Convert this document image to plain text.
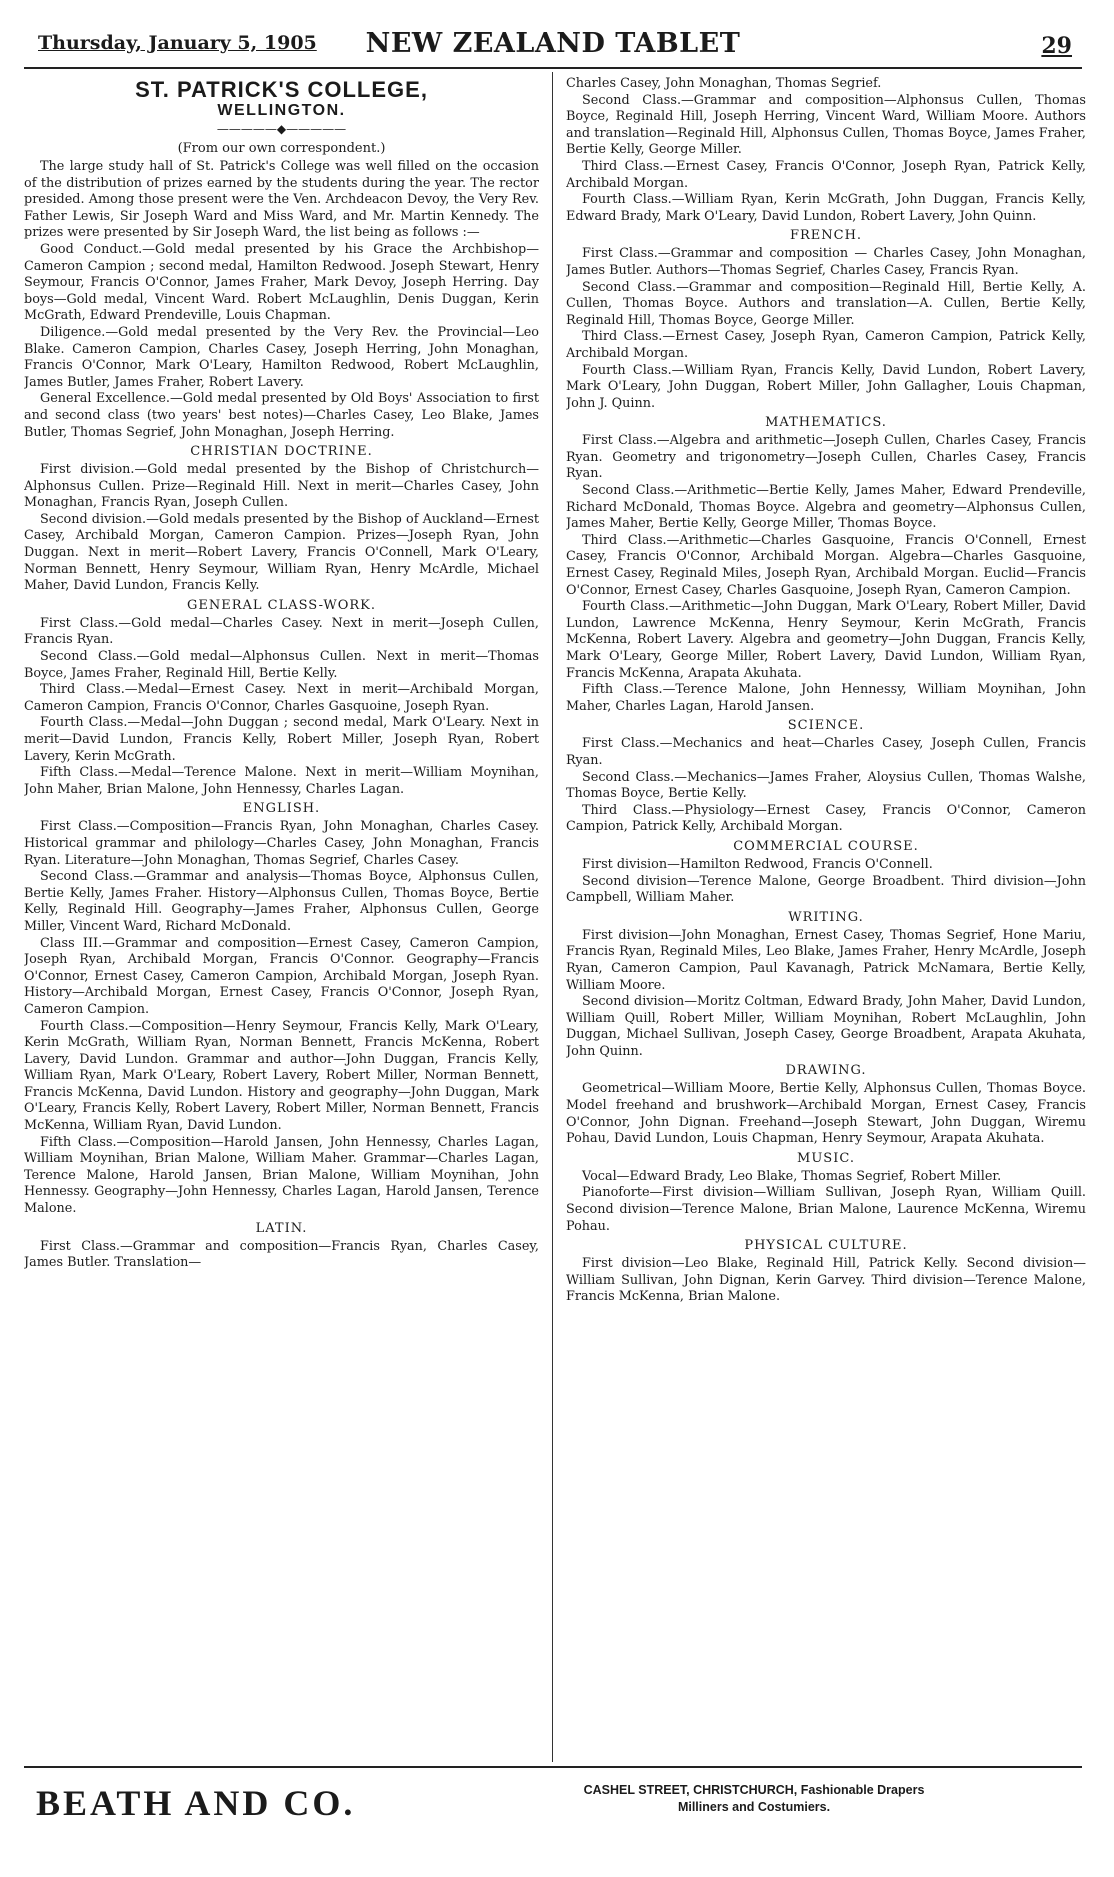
Thursday, January 5, 1905	NEW ZEALAND TABLET	29
ST. PATRICK'S COLLEGE,
WELLINGTON.
—————◆—————
(From our own correspondent.)

The large study hall of St. Patrick's College was well filled on the occasion of the distribution of prizes earned by the students during the year. The rector presided. Among those present were the Ven. Archdeacon Devoy, the Very Rev. Father Lewis, Sir Joseph Ward and Miss Ward, and Mr. Martin Kennedy. The prizes were presented by Sir Joseph Ward, the list being as follows :—

Good Conduct.—Gold medal presented by his Grace the Archbishop—Cameron Campion ; second medal, Hamilton Redwood. Joseph Stewart, Henry Seymour, Francis O'Connor, James Fraher, Mark Devoy, Joseph Herring. Day boys—Gold medal, Vincent Ward. Robert McLaughlin, Denis Duggan, Kerin McGrath, Edward Prendeville, Louis Chapman.

Diligence.—Gold medal presented by the Very Rev. the Provincial—Leo Blake. Cameron Campion, Charles Casey, Joseph Herring, John Monaghan, Francis O'Connor, Mark O'Leary, Hamilton Redwood, Robert McLaughlin, James Butler, James Fraher, Robert Lavery.

General Excellence.—Gold medal presented by Old Boys' Association to first and second class (two years' best notes)—Charles Casey, Leo Blake, James Butler, Thomas Segrief, John Monaghan, Joseph Herring.

CHRISTIAN DOCTRINE.

First division.—Gold medal presented by the Bishop of Christchurch—Alphonsus Cullen. Prize—Reginald Hill. Next in merit—Charles Casey, John Monaghan, Francis Ryan, Joseph Cullen.

Second division.—Gold medals presented by the Bishop of Auckland—Ernest Casey, Archibald Morgan, Cameron Campion. Prizes—Joseph Ryan, John Duggan. Next in merit—Robert Lavery, Francis O'Connell, Mark O'Leary, Norman Bennett, Henry Seymour, William Ryan, Henry McArdle, Michael Maher, David Lundon, Francis Kelly.

GENERAL CLASS-WORK.

First Class.—Gold medal—Charles Casey. Next in merit—Joseph Cullen, Francis Ryan.

Second Class.—Gold medal—Alphonsus Cullen. Next in merit—Thomas Boyce, James Fraher, Reginald Hill, Bertie Kelly.

Third Class.—Medal—Ernest Casey. Next in merit—Archibald Morgan, Cameron Campion, Francis O'Connor, Charles Gasquoine, Joseph Ryan.

Fourth Class.—Medal—John Duggan ; second medal, Mark O'Leary. Next in merit—David Lundon, Francis Kelly, Robert Miller, Joseph Ryan, Robert Lavery, Kerin McGrath.

Fifth Class.—Medal—Terence Malone. Next in merit—William Moynihan, John Maher, Brian Malone, John Hennessy, Charles Lagan.

ENGLISH.

First Class.—Composition—Francis Ryan, John Monaghan, Charles Casey. Historical grammar and philology—Charles Casey, John Monaghan, Francis Ryan. Literature—John Monaghan, Thomas Segrief, Charles Casey.

Second Class.—Grammar and analysis—Thomas Boyce, Alphonsus Cullen, Bertie Kelly, James Fraher. History—Alphonsus Cullen, Thomas Boyce, Bertie Kelly, Reginald Hill. Geography—James Fraher, Alphonsus Cullen, George Miller, Vincent Ward, Richard McDonald.

Class III.—Grammar and composition—Ernest Casey, Cameron Campion, Joseph Ryan, Archibald Morgan, Francis O'Connor. Geography—Francis O'Connor, Ernest Casey, Cameron Campion, Archibald Morgan, Joseph Ryan. History—Archibald Morgan, Ernest Casey, Francis O'Connor, Joseph Ryan, Cameron Campion.

Fourth Class.—Composition—Henry Seymour, Francis Kelly, Mark O'Leary, Kerin McGrath, William Ryan, Norman Bennett, Francis McKenna, Robert Lavery, David Lundon. Grammar and author—John Duggan, Francis Kelly, William Ryan, Mark O'Leary, Robert Lavery, Robert Miller, Norman Bennett, Francis McKenna, David Lundon. History and geography—John Duggan, Mark O'Leary, Francis Kelly, Robert Lavery, Robert Miller, Norman Bennett, Francis McKenna, William Ryan, David Lundon.

Fifth Class.—Composition—Harold Jansen, John Hennessy, Charles Lagan, William Moynihan, Brian Malone, William Maher. Grammar—Charles Lagan, Terence Malone, Harold Jansen, Brian Malone, William Moynihan, John Hennessy. Geography—John Hennessy, Charles Lagan, Harold Jansen, Terence Malone.

LATIN.

First Class.—Grammar and composition—Francis Ryan, Charles Casey, James Butler. Translation—

Charles Casey, John Monaghan, Thomas Segrief.

Second Class.—Grammar and composition—Alphonsus Cullen, Thomas Boyce, Reginald Hill, Joseph Herring, Vincent Ward, William Moore. Authors and translation—Reginald Hill, Alphonsus Cullen, Thomas Boyce, James Fraher, Bertie Kelly, George Miller.

Third Class.—Ernest Casey, Francis O'Connor, Joseph Ryan, Patrick Kelly, Archibald Morgan.

Fourth Class.—William Ryan, Kerin McGrath, John Duggan, Francis Kelly, Edward Brady, Mark O'Leary, David Lundon, Robert Lavery, John Quinn.

FRENCH.

First Class.—Grammar and composition — Charles Casey, John Monaghan, James Butler. Authors—Thomas Segrief, Charles Casey, Francis Ryan.

Second Class.—Grammar and composition—Reginald Hill, Bertie Kelly, A. Cullen, Thomas Boyce. Authors and translation—A. Cullen, Bertie Kelly, Reginald Hill, Thomas Boyce, George Miller.

Third Class.—Ernest Casey, Joseph Ryan, Cameron Campion, Patrick Kelly, Archibald Morgan.

Fourth Class.—William Ryan, Francis Kelly, David Lundon, Robert Lavery, Mark O'Leary, John Duggan, Robert Miller, John Gallagher, Louis Chapman, John J. Quinn.

MATHEMATICS.

First Class.—Algebra and arithmetic—Joseph Cullen, Charles Casey, Francis Ryan. Geometry and trigonometry—Joseph Cullen, Charles Casey, Francis Ryan.

Second Class.—Arithmetic—Bertie Kelly, James Maher, Edward Prendeville, Richard McDonald, Thomas Boyce. Algebra and geometry—Alphonsus Cullen, James Maher, Bertie Kelly, George Miller, Thomas Boyce.

Third Class.—Arithmetic—Charles Gasquoine, Francis O'Connell, Ernest Casey, Francis O'Connor, Archibald Morgan. Algebra—Charles Gasquoine, Ernest Casey, Reginald Miles, Joseph Ryan, Archibald Morgan. Euclid—Francis O'Connor, Ernest Casey, Charles Gasquoine, Joseph Ryan, Cameron Campion.

Fourth Class.—Arithmetic—John Duggan, Mark O'Leary, Robert Miller, David Lundon, Lawrence McKenna, Henry Seymour, Kerin McGrath, Francis McKenna, Robert Lavery. Algebra and geometry—John Duggan, Francis Kelly, Mark O'Leary, George Miller, Robert Lavery, David Lundon, William Ryan, Francis McKenna, Arapata Akuhata.

Fifth Class.—Terence Malone, John Hennessy, William Moynihan, John Maher, Charles Lagan, Harold Jansen.

SCIENCE.

First Class.—Mechanics and heat—Charles Casey, Joseph Cullen, Francis Ryan.

Second Class.—Mechanics—James Fraher, Aloysius Cullen, Thomas Walshe, Thomas Boyce, Bertie Kelly.

Third Class.—Physiology—Ernest Casey, Francis O'Connor, Cameron Campion, Patrick Kelly, Archibald Morgan.

COMMERCIAL COURSE.

First division—Hamilton Redwood, Francis O'Connell.

Second division—Terence Malone, George Broadbent. Third division—John Campbell, William Maher.

WRITING.

First division—John Monaghan, Ernest Casey, Thomas Segrief, Hone Mariu, Francis Ryan, Reginald Miles, Leo Blake, James Fraher, Henry McArdle, Joseph Ryan, Cameron Campion, Paul Kavanagh, Patrick McNamara, Bertie Kelly, William Moore.

Second division—Moritz Coltman, Edward Brady, John Maher, David Lundon, William Quill, Robert Miller, William Moynihan, Robert McLaughlin, John Duggan, Michael Sullivan, Joseph Casey, George Broadbent, Arapata Akuhata, John Quinn.

DRAWING.

Geometrical—William Moore, Bertie Kelly, Alphonsus Cullen, Thomas Boyce. Model freehand and brushwork—Archibald Morgan, Ernest Casey, Francis O'Connor, John Dignan. Freehand—Joseph Stewart, John Duggan, Wiremu Pohau, David Lundon, Louis Chapman, Henry Seymour, Arapata Akuhata.

MUSIC.

Vocal—Edward Brady, Leo Blake, Thomas Segrief, Robert Miller.

Pianoforte—First division—William Sullivan, Joseph Ryan, William Quill. Second division—Terence Malone, Brian Malone, Laurence McKenna, Wiremu Pohau.

PHYSICAL CULTURE.

First division—Leo Blake, Reginald Hill, Patrick Kelly. Second division—William Sullivan, John Dignan, Kerin Garvey. Third division—Terence Malone, Francis McKenna, Brian Malone.

BEATH AND CO.	CASHEL STREET, CHRISTCHURCH, Fashionable Drapers
Milliners and Costumiers.
